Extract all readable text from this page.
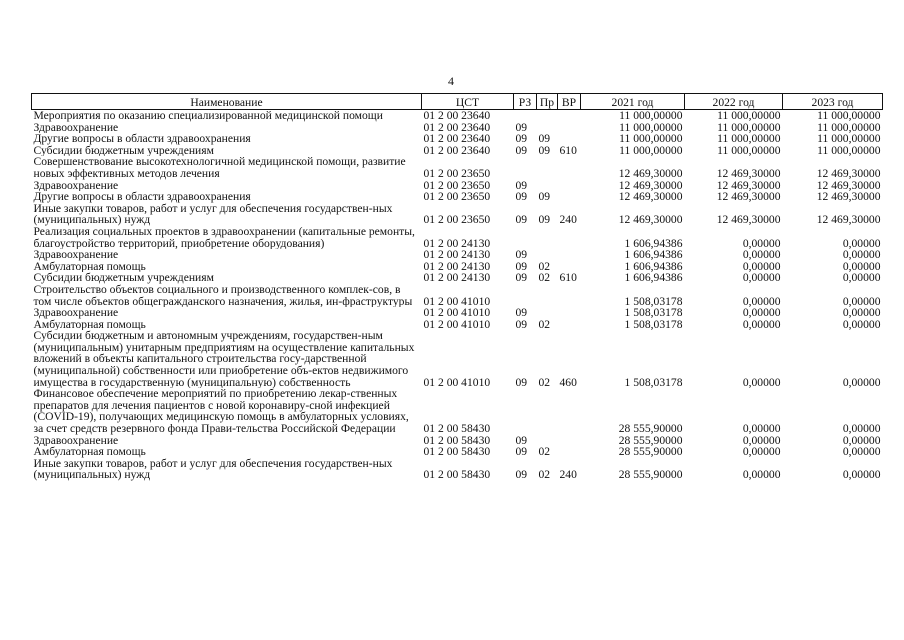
4
Наименование	ЦСТ	РЗ	Пр	ВР	2021 год	2022 год	2023 год
Мероприятия по оказанию специализированной медицинской помощи	01 2 00 23640				11 000,00000	11 000,00000	11 000,00000
Здравоохранение	01 2 00 23640	09			11 000,00000	11 000,00000	11 000,00000
Другие вопросы в области здравоохранения	01 2 00 23640	09	09		11 000,00000	11 000,00000	11 000,00000
Субсидии бюджетным учреждениям	01 2 00 23640	09	09	610	11 000,00000	11 000,00000	11 000,00000
Совершенствование высокотехнологичной медицинской помощи, развитие новых эффективных методов лечения	01 2 00 23650				12 469,30000	12 469,30000	12 469,30000
Здравоохранение	01 2 00 23650	09			12 469,30000	12 469,30000	12 469,30000
Другие вопросы в области здравоохранения	01 2 00 23650	09	09		12 469,30000	12 469,30000	12 469,30000
Иные закупки товаров, работ и услуг для обеспечения государствен-ных (муниципальных) нужд	01 2 00 23650	09	09	240	12 469,30000	12 469,30000	12 469,30000
Реализация социальных проектов в здравоохранении (капитальные ремонты, благоустройство территорий, приобретение оборудования)	01 2 00 24130				1 606,94386	0,00000	0,00000
Здравоохранение	01 2 00 24130	09			1 606,94386	0,00000	0,00000
Амбулаторная помощь	01 2 00 24130	09	02		1 606,94386	0,00000	0,00000
Субсидии бюджетным учреждениям	01 2 00 24130	09	02	610	1 606,94386	0,00000	0,00000
Строительство объектов социального и производственного комплек-сов, в том числе объектов общегражданского назначения, жилья, ин-фраструктуры	01 2 00 41010				1 508,03178	0,00000	0,00000
Здравоохранение	01 2 00 41010	09			1 508,03178	0,00000	0,00000
Амбулаторная помощь	01 2 00 41010	09	02		1 508,03178	0,00000	0,00000
Субсидии бюджетным и автономным учреждениям, государствен-ным (муниципальным) унитарным предприятиям на осуществление капитальных вложений в объекты капитального строительства госу-дарственной (муниципальной) собственности или приобретение объ-ектов недвижимого имущества в государственную (муниципальную) собственность	01 2 00 41010	09	02	460	1 508,03178	0,00000	0,00000
Финансовое обеспечение мероприятий по приобретению лекар-ственных препаратов для лечения пациентов с новой коронавиру-сной инфекцией (COVID-19), получающих медицинскую помощь в амбулаторных условиях, за счет средств резервного фонда Прави-тельства Российской Федерации	01 2 00 58430				28 555,90000	0,00000	0,00000
Здравоохранение	01 2 00 58430	09			28 555,90000	0,00000	0,00000
Амбулаторная помощь	01 2 00 58430	09	02		28 555,90000	0,00000	0,00000
Иные закупки товаров, работ и услуг для обеспечения государствен-ных (муниципальных) нужд	01 2 00 58430	09	02	240	28 555,90000	0,00000	0,00000
